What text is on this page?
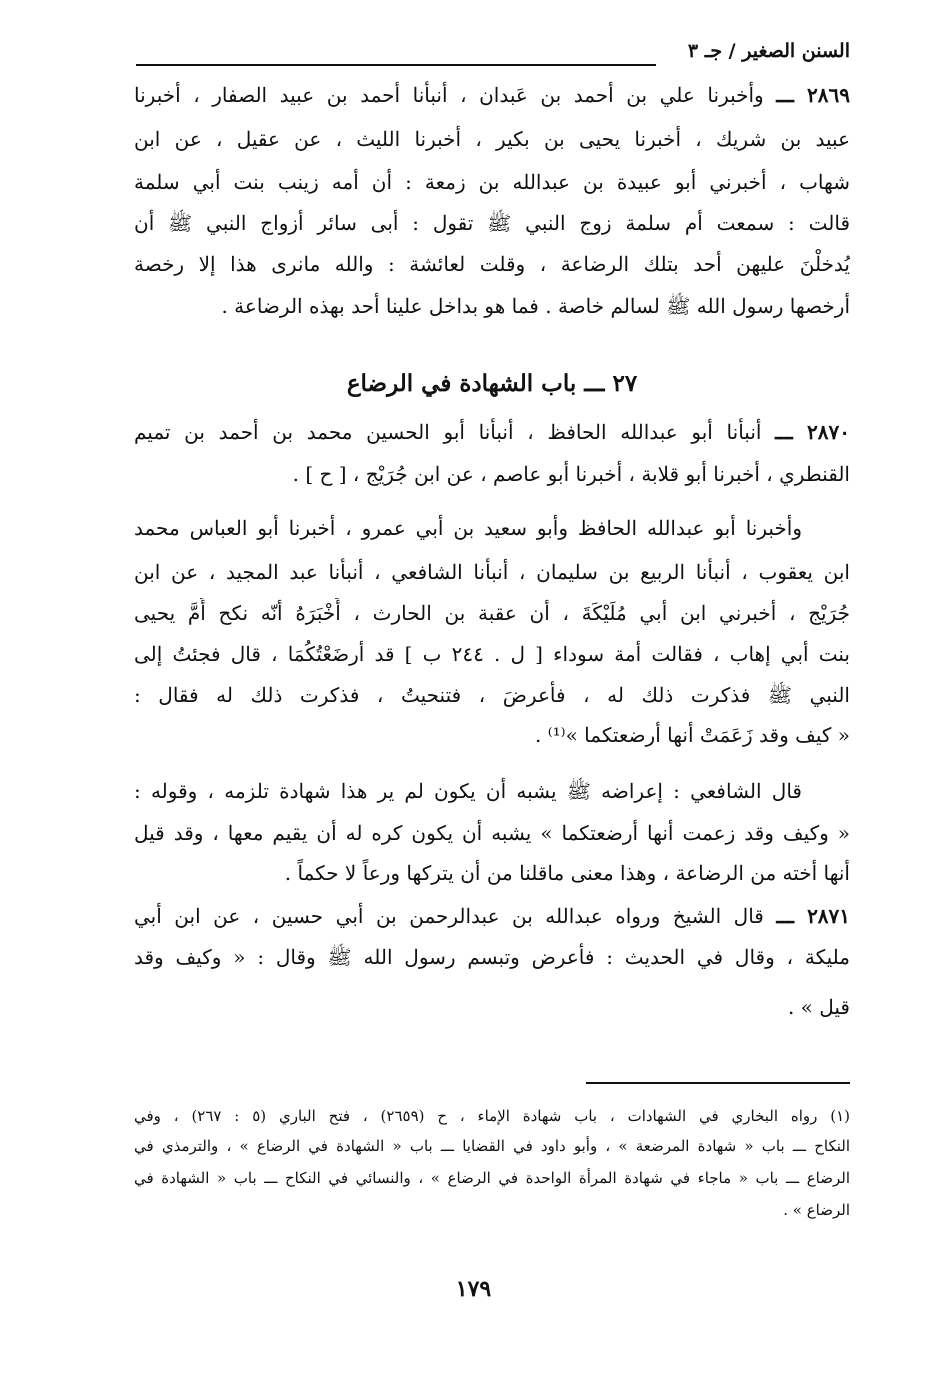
السنن الصغير / جـ ٣
٢٨٦٩ ـــ وأخبرنا علي بن أحمد بن عَبدان ، أنبأنا أحمد بن عبيد الصفار ، أخبرنا
عبيد بن شريك ، أخبرنا يحيى بن بكير ، أخبرنا الليث ، عن عقيل ، عن ابن
شهاب ، أخبرني أبو عبيدة بن عبدالله بن زمعة : أن أمه زينب بنت أبي سلمة
قالت : سمعت أم سلمة زوج النبي ﷺ تقول : أبى سائر أزواج النبي ﷺ أن
يُدخلْنَ عليهن أحد بتلك الرضاعة ، وقلت لعائشة : والله مانرى هذا إلا رخصة
أرخصها رسول الله ﷺ لسالم خاصة . فما هو بداخل علينا أحد بهذه الرضاعة .
٢٧ ـــ باب الشهادة في الرضاع
٢٨٧٠ ـــ أنبأنا أبو عبدالله الحافظ ، أنبأنا أبو الحسين محمد بن أحمد بن تميم
القنطري ، أخبرنا أبو قلابة ، أخبرنا أبو عاصم ، عن ابن جُرَيْج ، [ ح ] .
وأخبرنا أبو عبدالله الحافظ وأبو سعيد بن أبي عمرو ، أخبرنا أبو العباس محمد
ابن يعقوب ، أنبأنا الربيع بن سليمان ، أنبأنا الشافعي ، أنبأنا عبد المجيد ، عن ابن
جُرَيْج ، أخبرني ابن أبي مُلَيْكَةَ ، أن عقبة بن الحارث ، أَخْبَرَهُ أنّه نكح أُمَّ يحيى
بنت أبي إهاب ، فقالت أمة سوداء [ ل . ٢٤٤ ب ] قد أرضَعْتُكُمَا ، قال فجئتُ إلى
النبي ﷺ فذكرت ذلك له ، فأعرضَ ، فتنحيتُ ، فذكرت ذلك له فقال :
« كيف وقد زَعَمَتْ أنها أرضعتكما »⁽¹⁾ .
قال الشافعي : إعراضه ﷺ يشبه أن يكون لم ير هذا شهادة تلزمه ، وقوله :
« وكيف وقد زعمت أنها أرضعتكما » يشبه أن يكون كره له أن يقيم معها ، وقد قيل
أنها أخته من الرضاعة ، وهذا معنى ماقلنا من أن يتركها ورعاً لا حكماً .
٢٨٧١ ـــ قال الشيخ ورواه عبدالله بن عبدالرحمن بن أبي حسين ، عن ابن أبي
مليكة ، وقال في الحديث : فأعرض وتبسم رسول الله ﷺ وقال : « وكيف وقد
قيل » .
(١) رواه البخاري في الشهادات ، باب شهادة الإماء ، ح (٢٦٥٩) ، فتح الباري (٥ : ٢٦٧) ، وفي
النكاح ـــ باب « شهادة المرضعة » ، وأبو داود في القضايا ـــ باب « الشهادة في الرضاع » ، والترمذي في
الرضاع ـــ باب « ماجاء في شهادة المرأة الواحدة في الرضاع » ، والنسائي في النكاح ـــ باب « الشهادة في
الرضاع » .
١٧٩
